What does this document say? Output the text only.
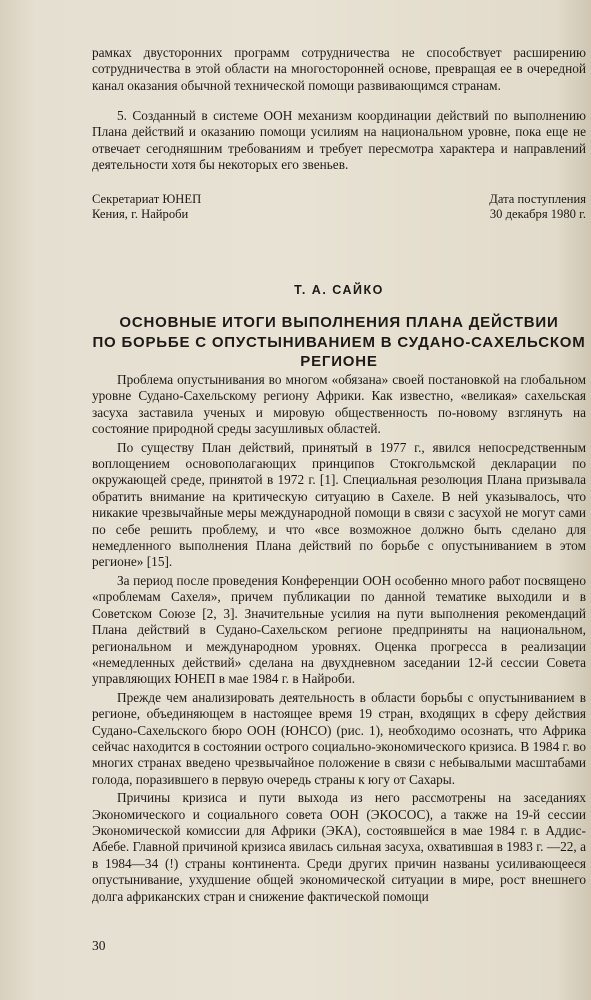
рамках двусторонних программ сотрудничества не способствует расширению сотрудничества в этой области на многосторонней основе, превращая ее в очередной канал оказания обычной технической помощи развивающимся странам.

5. Созданный в системе ООН механизм координации действий по выполнению Плана действий и оказанию помощи усилиям на национальном уровне, пока еще не отвечает сегодняшним требованиям и требует пересмотра характера и направлений деятельности хотя бы некоторых его звеньев.

Секретариат ЮНЕП
Кения, г. Найроби
Дата поступления
30 декабря 1980 г.
Т. А. САЙКО
ОСНОВНЫЕ ИТОГИ ВЫПОЛНЕНИЯ ПЛАНА ДЕЙСТВИИ
ПО БОРЬБЕ С ОПУСТЫНИВАНИЕМ В СУДАНО-САХЕЛЬСКОМ
РЕГИОНЕ

Проблема опустынивания во многом «обязана» своей постановкой на глобальном уровне Судано-Сахельскому региону Африки. Как известно, «великая» сахельская засуха заставила ученых и мировую общественность по-новому взглянуть на состояние природной среды засушливых областей.

По существу План действий, принятый в 1977 г., явился непосредственным воплощением основополагающих принципов Стокгольмской декларации по окружающей среде, принятой в 1972 г. [1]. Специальная резолюция Плана призывала обратить внимание на критическую ситуацию в Сахеле. В ней указывалось, что никакие чрезвычайные меры международной помощи в связи с засухой не могут сами по себе решить проблему, и что «все возможное должно быть сделано для немедленного выполнения Плана действий по борьбе с опустыниванием в этом регионе» [15].

За период после проведения Конференции ООН особенно много работ посвящено «проблемам Сахеля», причем публикации по данной тематике выходили и в Советском Союзе [2, 3]. Значительные усилия на пути выполнения рекомендаций Плана действий в Судано-Сахельском регионе предприняты на национальном, региональном и международном уровнях. Оценка прогресса в реализации «немедленных действий» сделана на двухдневном заседании 12-й сессии Совета управляющих ЮНЕП в мае 1984 г. в Найроби.

Прежде чем анализировать деятельность в области борьбы с опустыниванием в регионе, объединяющем в настоящее время 19 стран, входящих в сферу действия Судано-Сахельского бюро ООН (ЮНСО) (рис. 1), необходимо осознать, что Африка сейчас находится в состоянии острого социально-экономического кризиса. В 1984 г. во многих странах введено чрезвычайное положение в связи с небывалыми масштабами голода, поразившего в первую очередь страны к югу от Сахары.

Причины кризиса и пути выхода из него рассмотрены на заседаниях Экономического и социального совета ООН (ЭКОСОС), а также на 19-й сессии Экономической комиссии для Африки (ЭКА), состоявшейся в мае 1984 г. в Аддис-Абебе. Главной причиной кризиса явилась сильная засуха, охватившая в 1983 г. —22, а в 1984—34 (!) страны континента. Среди других причин названы усиливающееся опустынивание, ухудшение общей экономической ситуации в мире, рост внешнего долга африканских стран и снижение фактической помощи

30
